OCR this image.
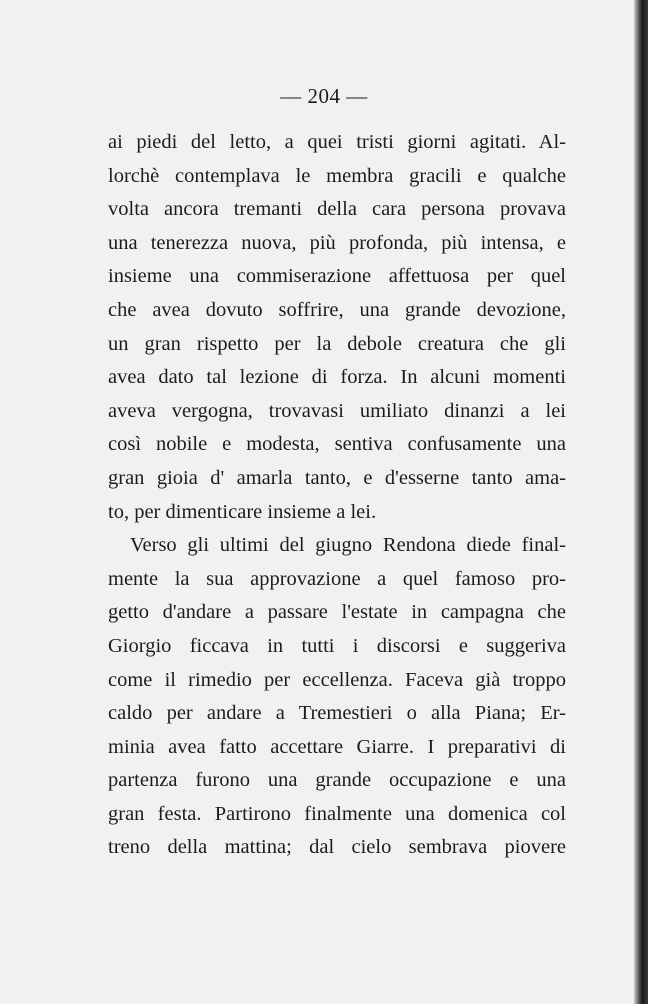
— 204 —
ai piedi del letto, a quei tristi giorni agitati. Al-
lorchè contemplava le membra gracili e qualche
volta ancora tremanti della cara persona provava
una tenerezza nuova, più profonda, più intensa, e
insieme una commiserazione affettuosa per quel
che avea dovuto soffrire, una grande devozione,
un gran rispetto per la debole creatura che gli
avea dato tal lezione di forza. In alcuni momenti
aveva vergogna, trovavasi umiliato dinanzi a lei
così nobile e modesta, sentiva confusamente una
gran gioia d' amarla tanto, e d'esserne tanto ama-
to, per dimenticare insieme a lei.
Verso gli ultimi del giugno Rendona diede final-
mente la sua approvazione a quel famoso pro-
getto d'andare a passare l'estate in campagna che
Giorgio ficcava in tutti i discorsi e suggeriva
come il rimedio per eccellenza. Faceva già troppo
caldo per andare a Tremestieri o alla Piana; Er-
minia avea fatto accettare Giarre. I preparativi di
partenza furono una grande occupazione e una
gran festa. Partirono finalmente una domenica col
treno della mattina; dal cielo sembrava piovere
